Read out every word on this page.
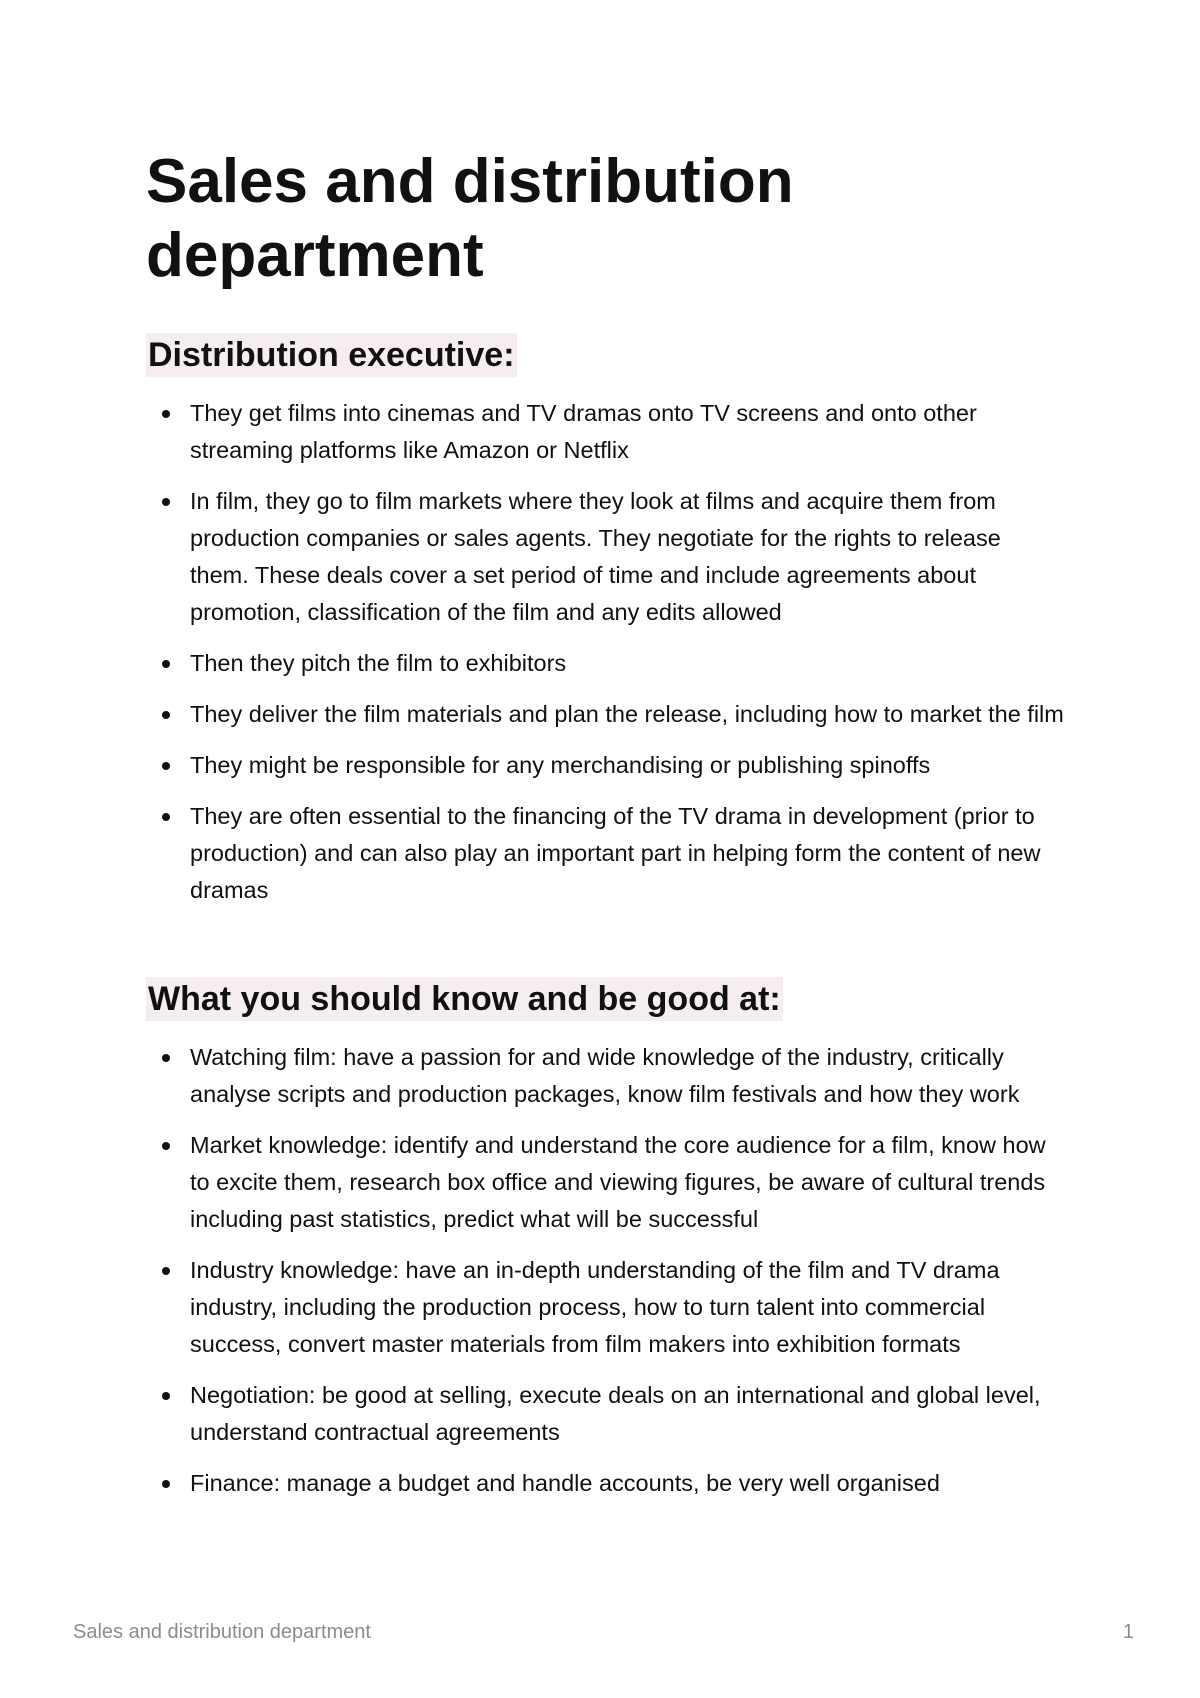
Sales and distribution department
Distribution executive:
They get films into cinemas and TV dramas onto TV screens and onto other streaming platforms like Amazon or Netflix
In film, they go to film markets where they look at films and acquire them from production companies or sales agents. They negotiate for the rights to release them. These deals cover a set period of time and include agreements about promotion, classification of the film and any edits allowed
Then they pitch the film to exhibitors
They deliver the film materials and plan the release, including how to market the film
They might be responsible for any merchandising or publishing spinoffs
They are often essential to the financing of the TV drama in development (prior to production) and can also play an important part in helping form the content of new dramas
What you should know and be good at:
Watching film: have a passion for and wide knowledge of the industry, critically analyse scripts and production packages, know film festivals and how they work
Market knowledge: identify and understand the core audience for a film, know how to excite them, research box office and viewing figures, be aware of cultural trends including past statistics, predict what will be successful
Industry knowledge: have an in-depth understanding of the film and TV drama industry, including the production process, how to turn talent into commercial success, convert master materials from film makers into exhibition formats
Negotiation: be good at selling, execute deals on an international and global level, understand contractual agreements
Finance: manage a budget and handle accounts, be very well organised
Sales and distribution department	1
